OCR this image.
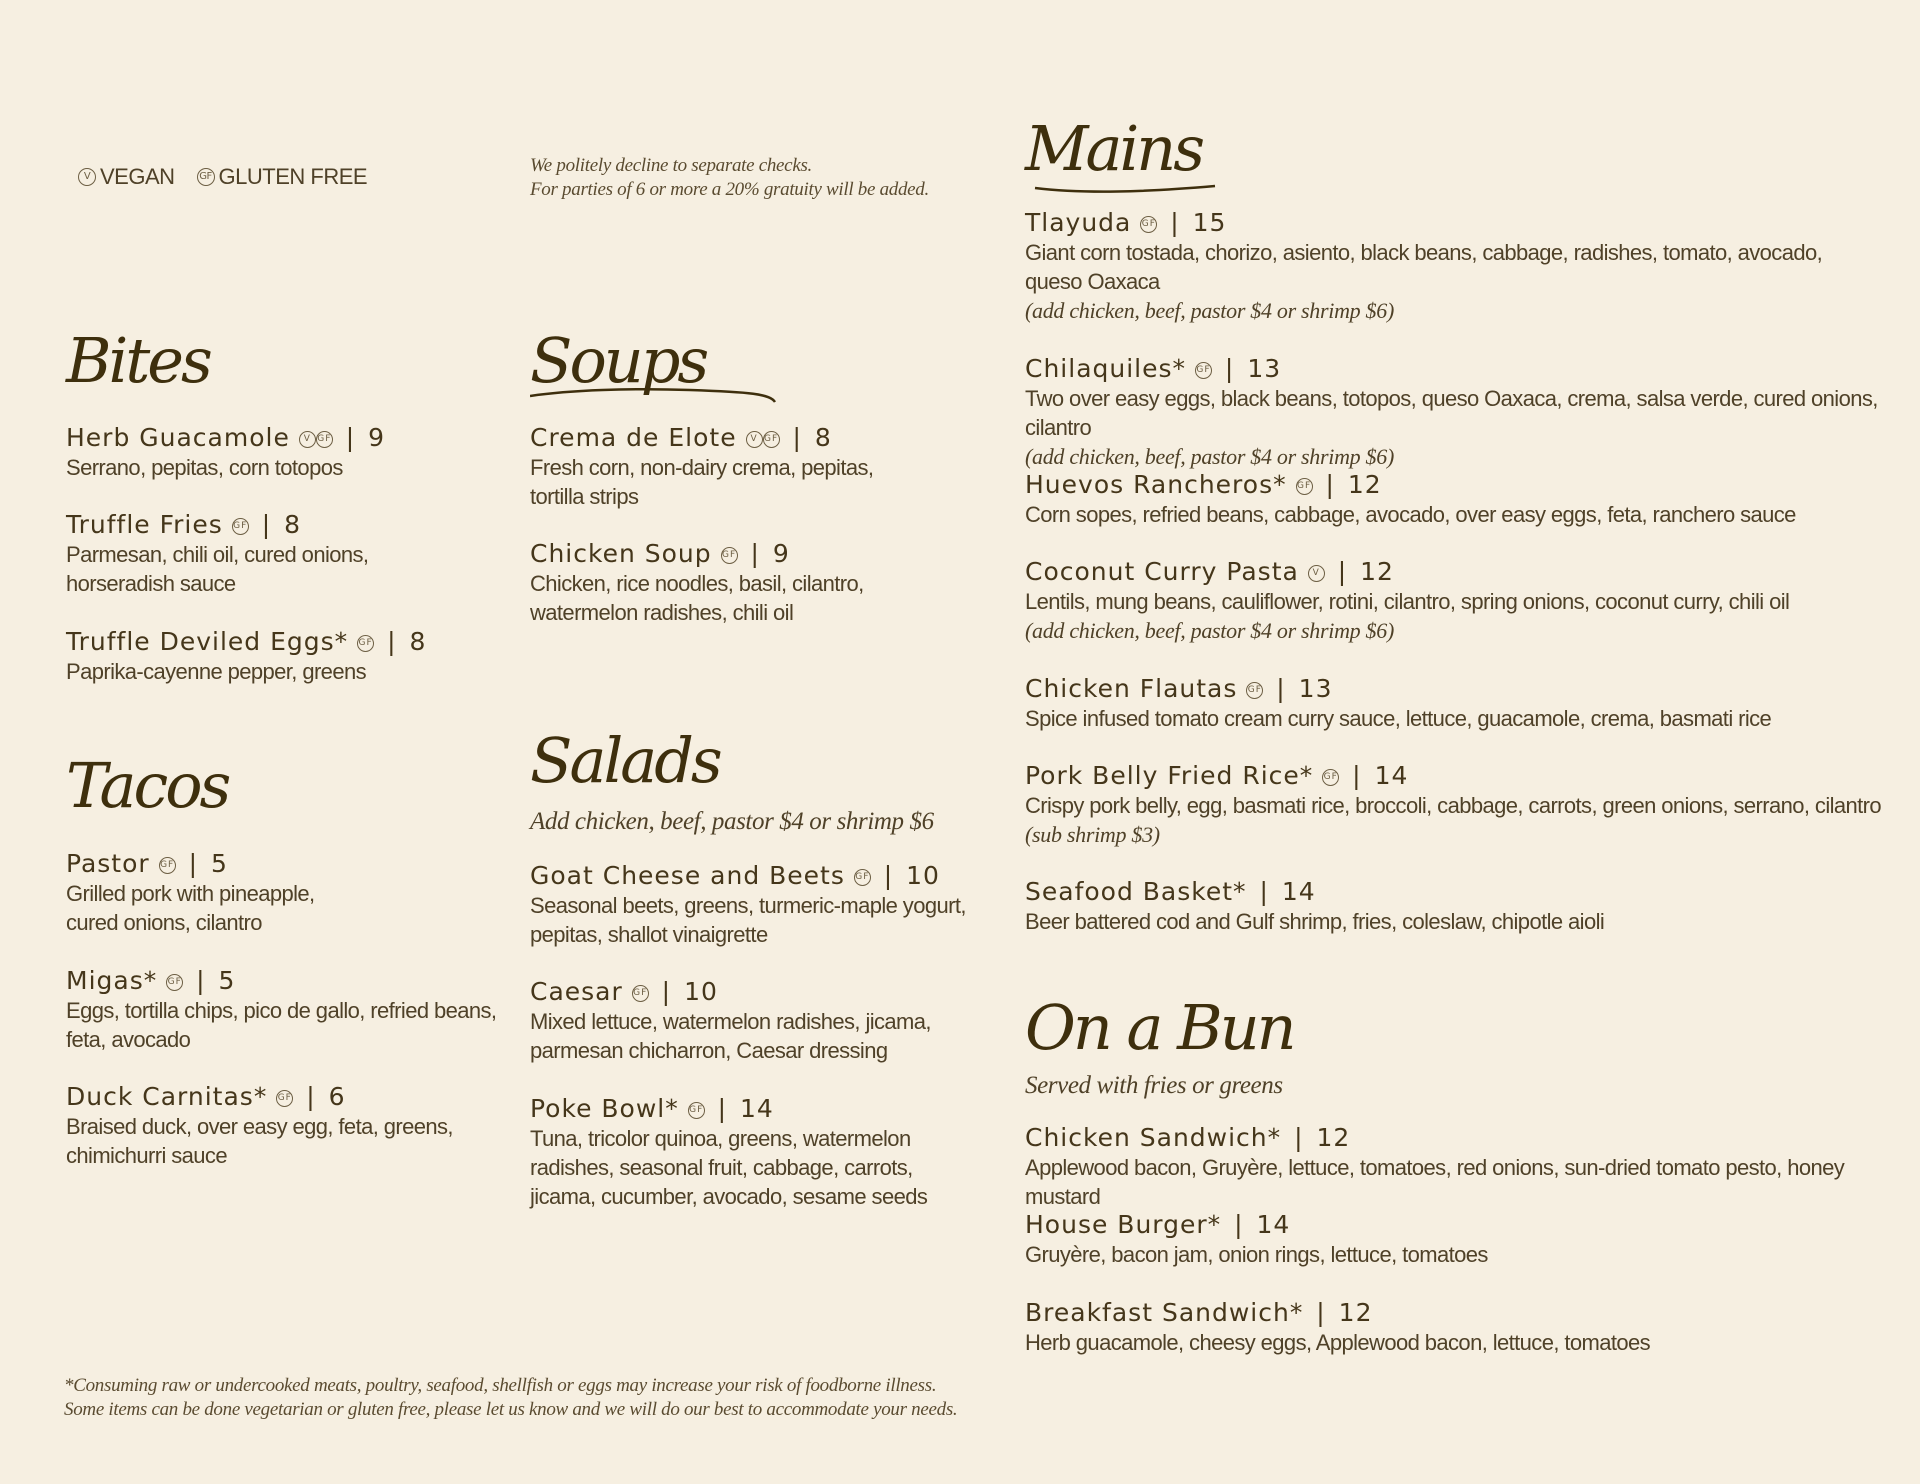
V VEGAN GF GLUTEN FREE	We politely decline to separate checks.
For parties of 6 or more a 20% gratuity will be added.
Bites	Soups
Tacos	Salads
Mains
On a Bun
Add chicken, beef, pastor $4 or shrimp $6
Served with fries or greens
Herb Guacamole V GF | 9
Serrano, pepitas, corn totopos
Truffle Fries GF | 8
Parmesan, chili oil, cured onions,
horseradish sauce
Truffle Deviled Eggs* GF | 8
Paprika-cayenne pepper, greens
Crema de Elote V GF | 8
Fresh corn, non-dairy crema, pepitas,
tortilla strips
Chicken Soup GF | 9
Chicken, rice noodles, basil, cilantro,
watermelon radishes, chili oil
Pastor GF | 5
Grilled pork with pineapple,
cured onions, cilantro
Migas* GF | 5
Eggs, tortilla chips, pico de gallo, refried beans,
feta, avocado
Duck Carnitas* GF | 6
Braised duck, over easy egg, feta, greens,
chimichurri sauce
Goat Cheese and Beets GF | 10
Seasonal beets, greens, turmeric-maple yogurt,
pepitas, shallot vinaigrette
Caesar GF | 10
Mixed lettuce, watermelon radishes, jicama,
parmesan chicharron, Caesar dressing
Poke Bowl* GF | 14
Tuna, tricolor quinoa, greens, watermelon
radishes, seasonal fruit, cabbage, carrots,
jicama, cucumber, avocado, sesame seeds
Tlayuda GF | 15
Giant corn tostada, chorizo, asiento, black beans, cabbage, radishes, tomato, avocado,
queso Oaxaca
(add chicken, beef, pastor $4 or shrimp $6)
Chilaquiles* GF | 13
Two over easy eggs, black beans, totopos, queso Oaxaca, crema, salsa verde, cured onions, cilantro
(add chicken, beef, pastor $4 or shrimp $6)
Huevos Rancheros* GF | 12
Corn sopes, refried beans, cabbage, avocado, over easy eggs, feta, ranchero sauce
Coconut Curry Pasta V | 12
Lentils, mung beans, cauliflower, rotini, cilantro, spring onions, coconut curry, chili oil
(add chicken, beef, pastor $4 or shrimp $6)
Chicken Flautas GF | 13
Spice infused tomato cream curry sauce, lettuce, guacamole, crema, basmati rice
Pork Belly Fried Rice* GF | 14
Crispy pork belly, egg, basmati rice, broccoli, cabbage, carrots, green onions, serrano, cilantro
(sub shrimp $3)
Seafood Basket* | 14
Beer battered cod and Gulf shrimp, fries, coleslaw, chipotle aioli
Chicken Sandwich* | 12
Applewood bacon, Gruyère, lettuce, tomatoes, red onions, sun-dried tomato pesto, honey mustard
House Burger* | 14
Gruyère, bacon jam, onion rings, lettuce, tomatoes
Breakfast Sandwich* | 12
Herb guacamole, cheesy eggs, Applewood bacon, lettuce, tomatoes
*Consuming raw or undercooked meats, poultry, seafood, shellfish or eggs may increase your risk of foodborne illness.
Some items can be done vegetarian or gluten free, please let us know and we will do our best to accommodate your needs.
